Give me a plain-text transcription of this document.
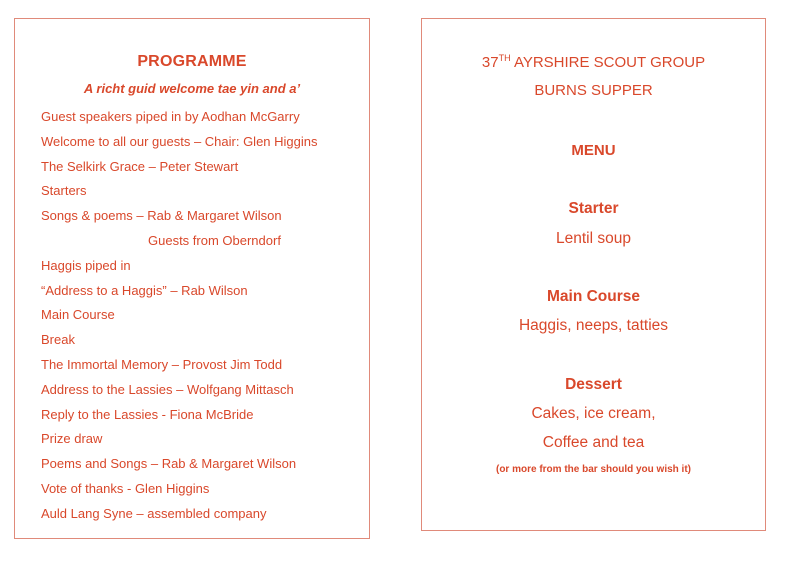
PROGRAMME
A richt guid welcome tae yin and a’
Guest speakers piped in by Aodhan McGarry
Welcome to all our guests – Chair: Glen Higgins
The Selkirk Grace – Peter Stewart
Starters
Songs & poems – Rab & Margaret Wilson
Guests from Oberndorf
Haggis piped in
“Address to a Haggis” – Rab Wilson
Main Course
Break
The Immortal Memory – Provost Jim Todd
Address to the Lassies – Wolfgang Mittasch
Reply to the Lassies - Fiona McBride
Prize draw
Poems and Songs – Rab & Margaret Wilson
Vote of thanks - Glen Higgins
Auld Lang Syne – assembled company
37TH AYRSHIRE SCOUT GROUP
BURNS SUPPER
MENU
Starter
Lentil soup
Main Course
Haggis, neeps, tatties
Dessert
Cakes, ice cream,
Coffee and tea
(or more from the bar should you wish it)
